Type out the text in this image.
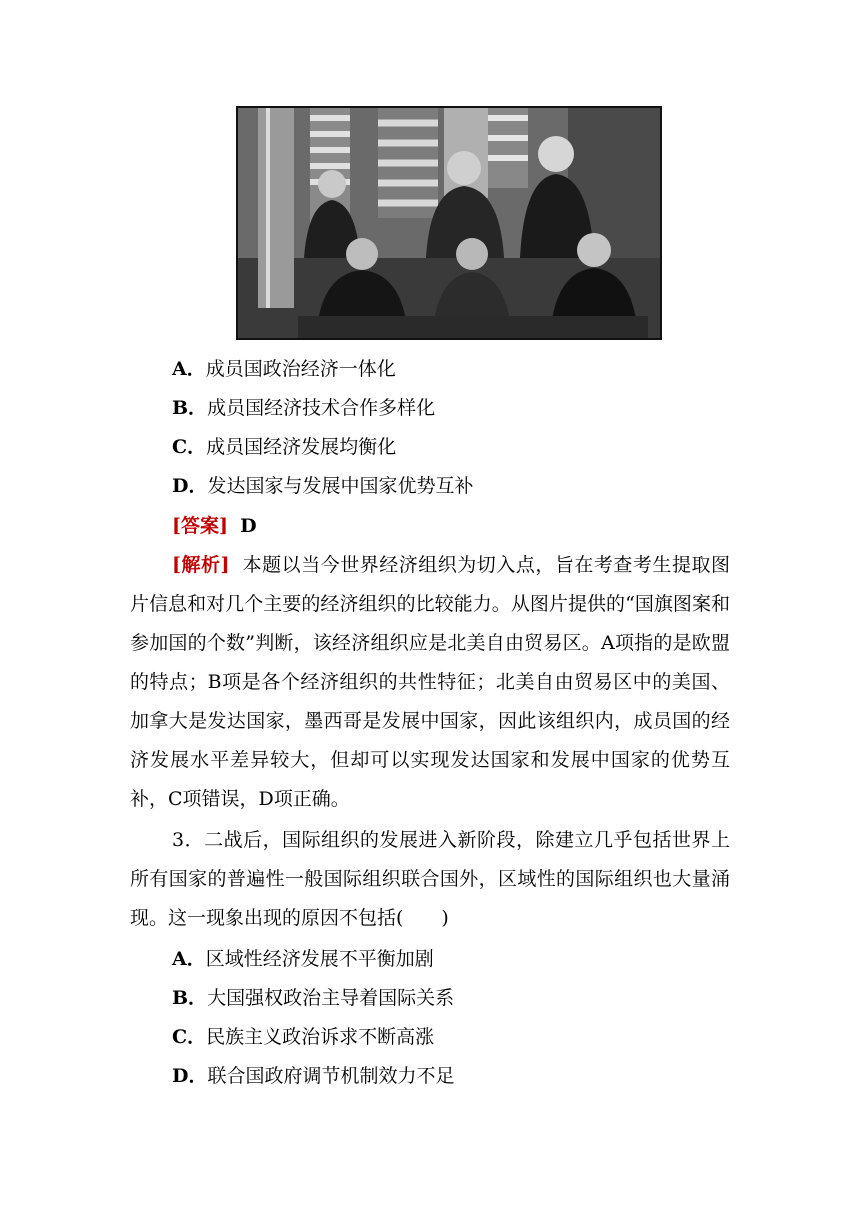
A．成员国政治经济一体化
B．成员国经济技术合作多样化
C．成员国经济发展均衡化
D．发达国家与发展中国家优势互补
[答案] D
[解析] 本题以当今世界经济组织为切入点，旨在考查考生提取图片信息和对几个主要的经济组织的比较能力。从图片提供的“国旗图案和参加国的个数”判断，该经济组织应是北美自由贸易区。A项指的是欧盟的特点；B项是各个经济组织的共性特征；北美自由贸易区中的美国、加拿大是发达国家，墨西哥是发展中国家，因此该组织内，成员国的经济发展水平差异较大，但却可以实现发达国家和发展中国家的优势互补，C项错误，D项正确。
3．二战后，国际组织的发展进入新阶段，除建立几乎包括世界上所有国家的普遍性一般国际组织联合国外，区域性的国际组织也大量涌现。这一现象出现的原因不包括(　　)
A．区域性经济发展不平衡加剧
B．大国强权政治主导着国际关系
C．民族主义政治诉求不断高涨
D．联合国政府调节机制效力不足
